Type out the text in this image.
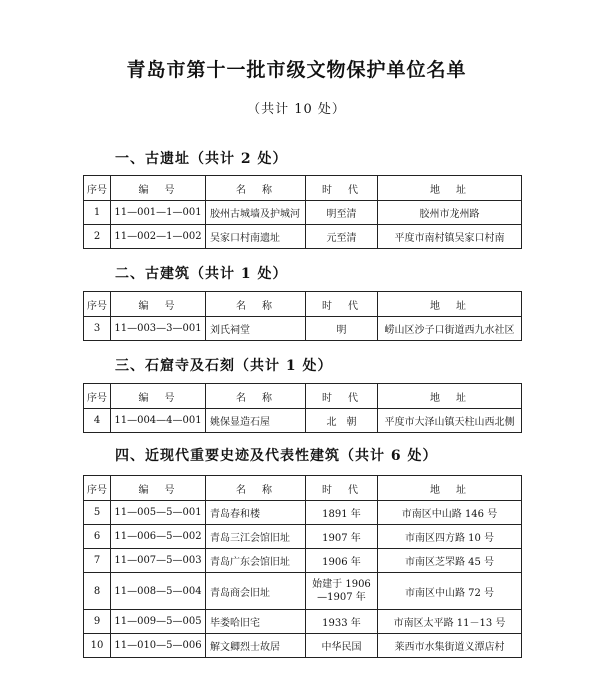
青岛市第十一批市级文物保护单位名单
（共计 10 处）
一、古遗址（共计 2 处）
序号	编　号	名　称	时　代	地　址
1	11—001—1—001	胶州古城墙及护城河	明至清	胶州市龙州路
2	11—002—1—002	吴家口村南遗址	元至清	平度市南村镇吴家口村南
二、古建筑（共计 1 处）
序号	编　号	名　称	时　代	地　址
3	11—003—3—001	刘氏祠堂	明	崂山区沙子口街道西九水社区
三、石窟寺及石刻（共计 1 处）
序号	编　号	名　称	时　代	地　址
4	11—004—4—001	姚保显造石屋	北　朝	平度市大泽山镇天柱山西北侧
四、近现代重要史迹及代表性建筑（共计 6 处）
序号	编　号	名　称	时　代	地　址
5	11—005—5—001	青岛春和楼	1891 年	市南区中山路 146 号
6	11—006—5—002	青岛三江会馆旧址	1907 年	市南区四方路 10 号
7	11—007—5—003	青岛广东会馆旧址	1906 年	市南区芝罘路 45 号
8	11—008—5—004	青岛商会旧址	始建于 1906—1907 年	市南区中山路 72 号
9	11—009—5—005	毕娄哈旧宅	1933 年	市南区太平路 11－13 号
10	11—010—5—006	解文卿烈士故居	中华民国	莱西市水集街道义潭店村
